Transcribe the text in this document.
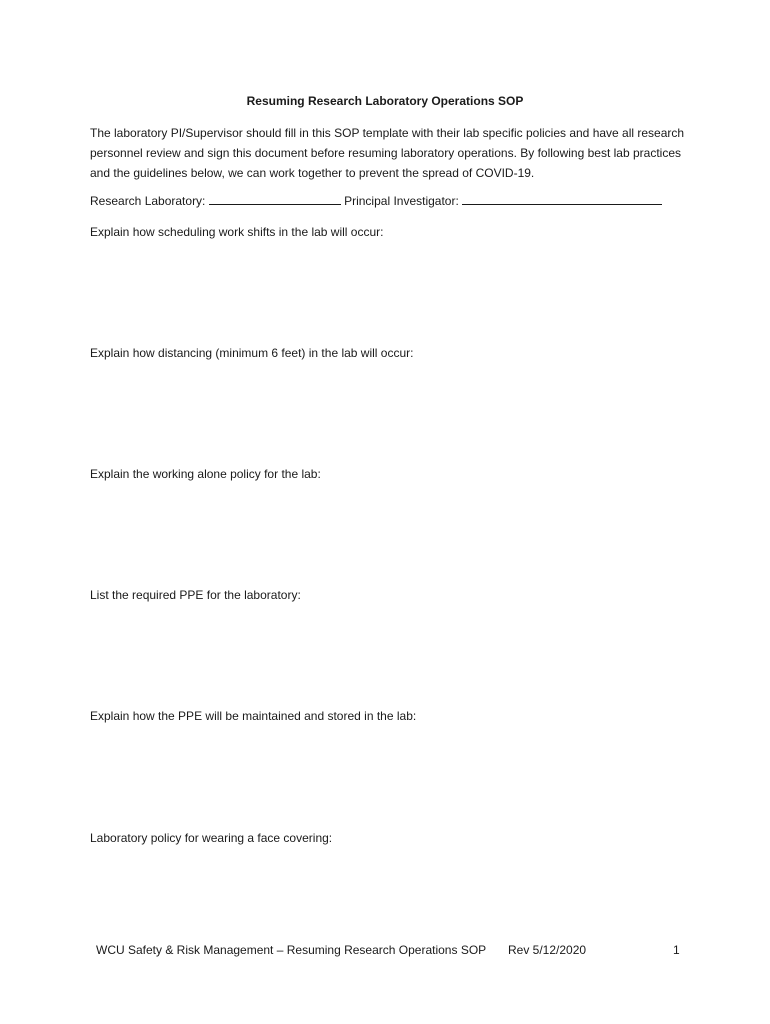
Resuming Research Laboratory Operations SOP

The laboratory PI/Supervisor should fill in this SOP template with their lab specific policies and have all research personnel review and sign this document before resuming laboratory operations. By following best lab practices and the guidelines below, we can work together to prevent the spread of COVID-19.

Research Laboratory:	Principal Investigator:
Explain how scheduling work shifts in the lab will occur:
Explain how distancing (minimum 6 feet) in the lab will occur:
Explain the working alone policy for the lab:
List the required PPE for the laboratory:
Explain how the PPE will be maintained and stored in the lab:
Laboratory policy for wearing a face covering:
WCU Safety & Risk Management – Resuming Research Operations SOP Rev 5/12/2020	1
